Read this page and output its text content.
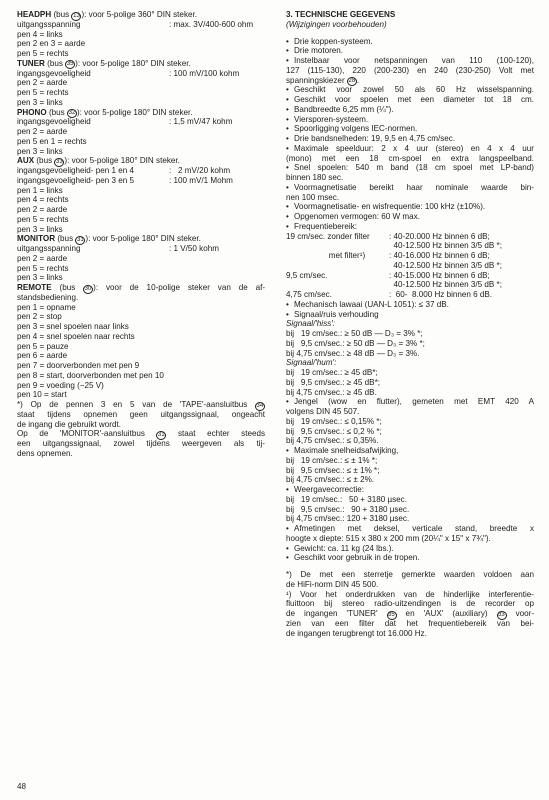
HEADPH (bus 13 ): voor 5-polige 360° DIN steker.
uitgangsspanning	: max. 3V/400-600 ohm
pen 4 = links
pen 2 en 3 = aarde
pen 5 = rechts
TUNER (bus 35 ): voor 5-polige 180° DIN steker.
ingangsgevoeligheid	: 100 mV/100 kohm
pen 2 = aarde
pen 5 = rechts
pen 3 = links
PHONO (bus 32 ): voor 5-polige 180° DIN steker.
ingangsgevoeligheid	: 1,5 mV/47 kohm
pen 2 = aarde
pen 5 en 1 = rechts
pen 3 = links
AUX (bus 33 ): voor 5-polige 180° DIN steker.
ingangsgevoeligheid- pen 1 en 4	:   2 mV/20 kohm
ingangsgevoeligheid- pen 3 en 5	: 100 mV/1 Mohm
pen 1 = links
pen 4 = rechts
pen 2 = aarde
pen 5 = rechts
pen 3 = links
MONITOR (bus 31 ): voor 5-polige 180° DIN steker.
uitgangsspanning	: 1 V/50 kohm
pen 2 = aarde
pen 5 = rechts
pen 3 = links
REMOTE (bus 30 ): voor de 10-polige steker van de af-
standsbediening.
pen 1 = opname
pen 2 = stop
pen 3 = snel spoelen naar links
pen 4 = snel spoelen naar rechts
pen 5 = pauze
pen 6 = aarde
pen 7 = doorverbonden met pen 9
pen 8 = start, doorverbonden met pen 10
pen 9 = voeding (−25 V)
pen 10 = start
*) Op de pennen 3 en 5 van de 'TAPE'-aansluitbus 34
staat tijdens opnemen geen uitgangssignaal, ongeacht
de ingang die gebruikt wordt.
Op de 'MONITOR'-aansluitbus 31 staat echter steeds
een uitgangssignaal, zowel tijdens weergeven als tij-
dens opnemen.
3. TECHNISCHE GEGEVENS
(Wijzigingen voorbehouden)
• Drie koppen-systeem.
• Drie motoren.
• Instelbaar voor netspanningen van 110 (100-120),
127 (115-130), 220 (200-230) en 240 (230-250) Volt met
spanningskiezer 28 .
• Geschikt voor zowel 50 als 60 Hz wisselspanning.
• Geschikt voor spoelen met een diameter tot 18 cm.
• Bandbreedte 6,25 mm (¼").
• Viersporen-systeem.
• Spoorligging volgens IEC-normen.
• Drie bandsnelheden: 19, 9,5 en 4,75 cm/sec.
• Maximale speelduur: 2 x 4 uur (stereo) en 4 x 4 uur
(mono) met een 18 cm-spoel en extra langspeelband.
• Snel spoelen: 540 m band (18 cm spoel met LP-band)
binnen 180 sec.
• Voormagnetisatie bereikt haar nominale waarde bin-
nen 100 msec.
• Voormagnetisatie- en wisfrequentie: 100 kHz (±10%).
• Opgenomen vermogen: 60 W max.
• Frequentiebereik:
19 cm/sec. zonder filter : 40-20.000 Hz binnen 6 dB;
40-12.500 Hz binnen 3/5 dB *;
met filter¹)	: 40-16.000 Hz binnen 6 dB;
40-12.500 Hz binnen 3/5 dB *;
9,5 cm/sec.	: 40-15.000 Hz binnen 6 dB;
40-12.500 Hz binnen 3/5 dB *;
4,75 cm/sec.	:  60-  8.000 Hz binnen 6 dB.
• Mechanisch lawaai (UAN-L 1051): ≤ 37 dB.
• Signaal/ruis verhouding
Signaal/'hiss':
bij   19 cm/sec.: ≥ 50 dB — D₃ = 3% *;
bij   9,5 cm/sec.: ≥ 50 dB — D₃ = 3% *;
bij 4,75 cm/sec.: ≥ 48 dB — D₃ = 3%.
Signaal/'hum':
bij   19 cm/sec.: ≥ 45 dB*;
bij   9,5 cm/sec.: ≥ 45 dB*;
bij 4,75 cm/sec.: ≥ 45 dB.
• Jengel (wow en flutter), gemeten met EMT 420 A
volgens DIN 45 507.
bij   19 cm/sec.: ≤ 0,15% *;
bij   9,5 cm/sec.: ≤ 0,2 % *;
bij 4,75 cm/sec.: ≤ 0,35%.
• Maximale snelheidsafwijking,
bij   19 cm/sec.: ≤ ± 1% *;
bij   9,5 cm/sec.: ≤ ± 1% *;
bij 4,75 cm/sec.: ≤ ± 2%.
• Weergavecorrectie:
bij   19 cm/sec.:   50 + 3180 µsec.
bij   9,5 cm/sec.:   90 + 3180 µsec.
bij 4,75 cm/sec.: 120 + 3180 µsec.
• Afmetingen met deksel, verticale stand, breedte x
hoogte x diepte: 515 x 380 x 200 mm (20¼" x 15" x 7¾").
• Gewicht: ca. 11 kg (24 lbs.).
• Geschikt voor gebruik in de tropen.
*) De met een sterretje gemerkte waarden voldoen aan
de HiFi-norm DIN 45 500.
¹) Voor het onderdrukken van de hinderlijke interferentie-
fluittoon bij stereo radio-uitzendingen is de recorder op
de ingangen 'TUNER' 35 en 'AUX' (auxiliary) 33 voor-
zien van een filter dat het frequentiebereik van bei-
de ingangen terugbrengt tot 16.000 Hz.
48
